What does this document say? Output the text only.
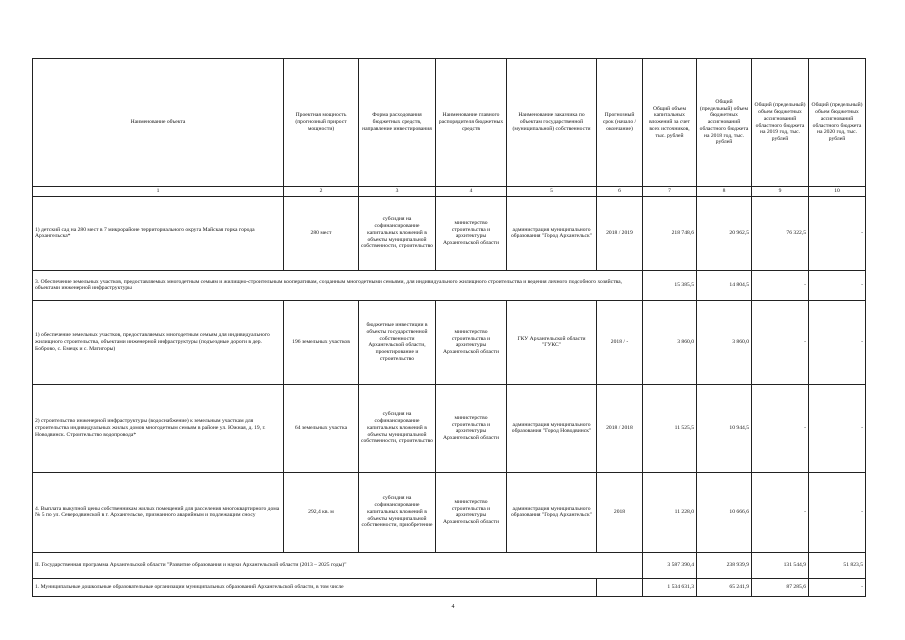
Наименование объекта	Проектная мощность (прогнозный прирост мощности)	Форма расходования бюджетных средств, направление инвестирования	Наименование главного распорядителя бюджетных средств	Наименование заказчика по объектам государственной (муниципальной) собственности	Прогнозный срок (начало / окончание)	Общий объем капитальных вложений за счет всех источников, тыс. рублей	Общий (предельный) объем бюджетных ассигнований областного бюджета на 2018 год, тыс. рублей	Общий (предельный) объем бюджетных ассигнований областного бюджета на 2019 год, тыс. рублей	Общий (предельный) объем бюджетных ассигнований областного бюджета на 2020 год, тыс. рублей
1	2	3	4	5	6	7	8	9	10
1) детский сад на 280 мест в 7 микрорайоне территориального округа Майская горка города Архангельска*	280 мест	субсидия на софинансирование капитальных вложений в объекты муниципальной собственности, строительство	министерство строительства и архитектуры Архангельской области	администрация муниципального образования "Город Архангельск"	2018 / 2019	218 748,6	20 962,5	76 322,5	-
3. Обеспечение земельных участков, предоставляемых многодетным семьям и жилищно-строительным кооперативам, созданным многодетными семьями, для индивидуального жилищного строительства и ведения личного подсобного хозяйства, объектами инженерной инфраструктуры						15 385,5	14 804,5	-	-
1) обеспечение земельных участков, предоставляемых многодетным семьям для индивидуального жилищного строительства, объектами инженерной инфраструктуры (подъездные дороги в дер. Боброво, с. Емецк и с. Матигоры)	196 земельных участков	бюджетные инвестиции в объекты государственной собственности Архангельской области, проектирование и строительство	министерство строительства и архитектуры Архангельской области	ГКУ Архангельской области "ГУКС"	2018 / -	3 860,0	3 860,0	-	-
2) строительство инженерной инфраструктуры (водоснабжение) к земельным участкам для строительства индивидуальных жилых домов многодетным семьям в районе ул. Южная, д. 19, г. Новодвинск. Строительство водопровода*	64 земельных участка	субсидия на софинансирование капитальных вложений в объекты муниципальной собственности, строительство	министерство строительства и архитектуры Архангельской области	администрация муниципального образования "Город Новодвинск"	2018 / 2018	11 525,5	10 944,5	-	-
4. Выплата выкупной цены собственникам жилых помещений для расселения многоквартирного дома № 5 по ул. Северодвинской в г. Архангельске, признанного аварийным и подлежащим сносу	292,4 кв. м	субсидия на софинансирование капитальных вложений в объекты муниципальной собственности, приобретение	министерство строительства и архитектуры Архангельской области	администрация муниципального образования "Город Архангельск"	2018	11 228,0	10 666,6	-	-
II. Государственная программа Архангельской области "Развитие образования и науки Архангельской области (2013 – 2025 годы)"						3 587 390,4	238 939,9	131 544,9	51 823,5
1. Муниципальные дошкольные образовательные организации муниципальных образований Архангельской области, в том числе						1 534 631,3	65 241,9	87 285,6	-
4
